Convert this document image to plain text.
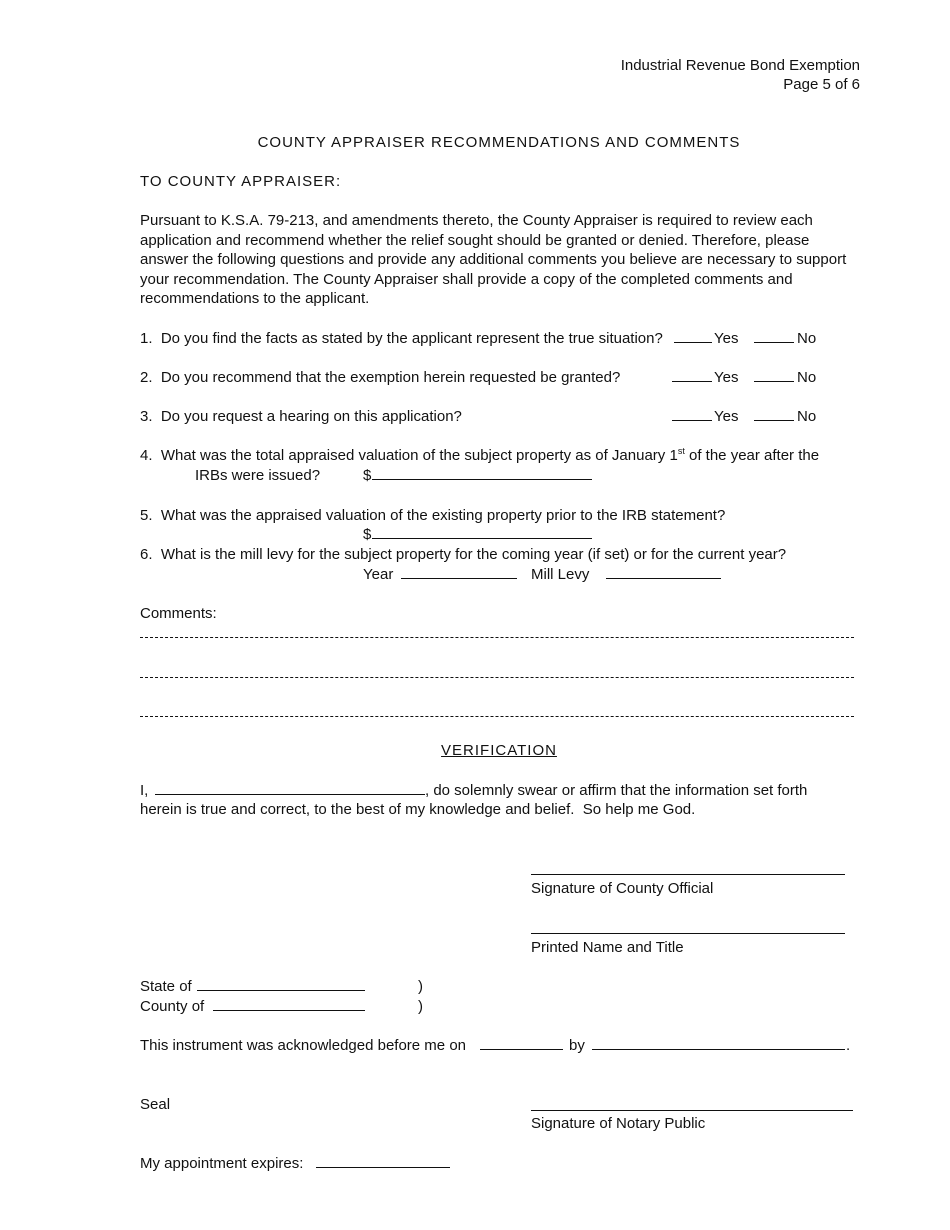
Industrial Revenue Bond Exemption
Page 5 of 6
COUNTY APPRAISER RECOMMENDATIONS AND COMMENTS
TO COUNTY APPRAISER:
Pursuant to K.S.A. 79-213, and amendments thereto, the County Appraiser is required to review each application and recommend whether the relief sought should be granted or denied. Therefore, please answer the following questions and provide any additional comments you believe are necessary to support your recommendation. The County Appraiser shall provide a copy of the completed comments and recommendations to the applicant.
1.  Do you find the facts as stated by the applicant represent the true situation?	Yes	No
2.  Do you recommend that the exemption herein requested be granted?	Yes	No
3.  Do you request a hearing on this application?	Yes	No
4.  What was the total appraised valuation of the subject property as of January 1st of the year after the
IRBs were issued?	$
5.  What was the appraised valuation of the existing property prior to the IRB statement?
$
6.  What is the mill levy for the subject property for the coming year (if set) or for the current year?
Year	Mill Levy
Comments:
VERIFICATION
I,	, do solemnly swear or affirm that the information set forth
herein is true and correct, to the best of my knowledge and belief.  So help me God.
Signature of County Official
Printed Name and Title
State of	)
County of	)
This instrument was acknowledged before me on	by	.
Seal
Signature of Notary Public
My appointment expires:
